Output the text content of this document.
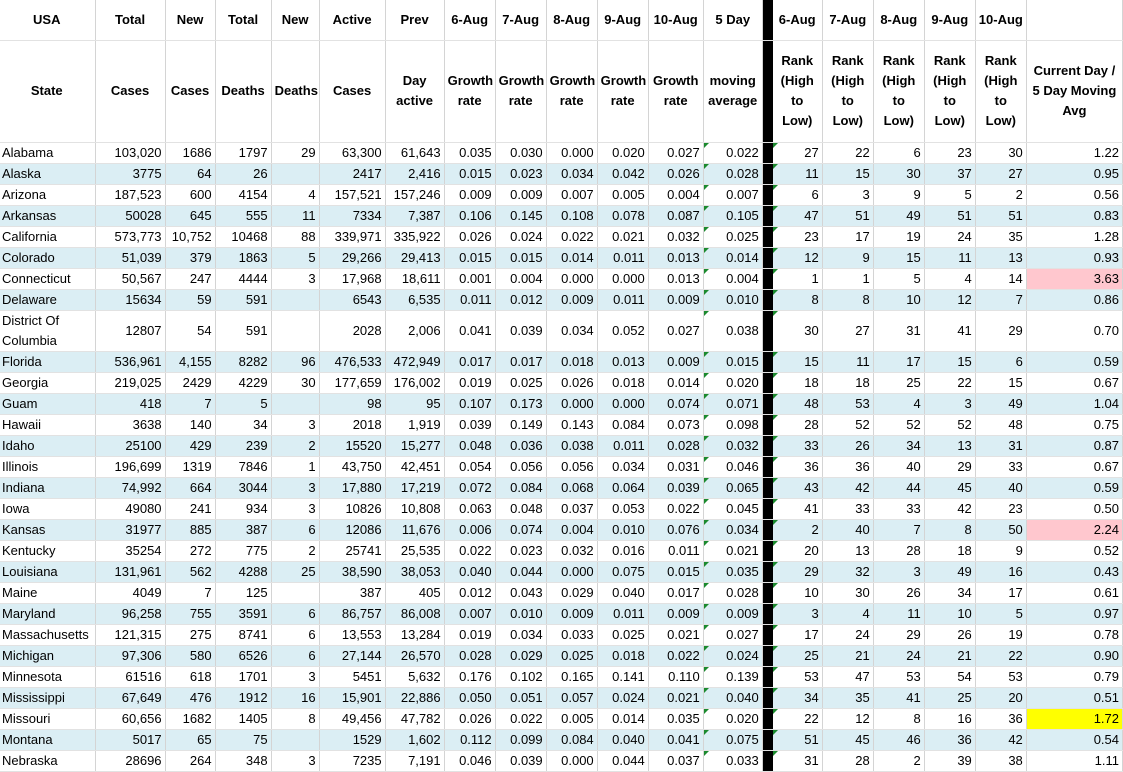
USA	Total	New	Total	New	Active	Prev	6-Aug	7-Aug	8-Aug	9-Aug	10-Aug	5 Day		6-Aug	7-Aug	8-Aug	9-Aug	10-Aug	
State	Cases	Cases	Deaths	Deaths	Cases	Day active	Growth rate	Growth rate	Growth rate	Growth rate	Growth rate	moving average		Rank (High to Low)	Rank (High to Low)	Rank (High to Low)	Rank (High to Low)	Rank (High to Low)	Current Day / 5 Day Moving Avg
Alabama	103,020	1686	1797	29	63,300	61,643	0.035	0.030	0.000	0.020	0.027	0.022		27	22	6	23	30	1.22
Alaska	3775	64	26		2417	2,416	0.015	0.023	0.034	0.042	0.026	0.028		11	15	30	37	27	0.95
Arizona	187,523	600	4154	4	157,521	157,246	0.009	0.009	0.007	0.005	0.004	0.007		6	3	9	5	2	0.56
Arkansas	50028	645	555	11	7334	7,387	0.106	0.145	0.108	0.078	0.087	0.105		47	51	49	51	51	0.83
California	573,773	10,752	10468	88	339,971	335,922	0.026	0.024	0.022	0.021	0.032	0.025		23	17	19	24	35	1.28
Colorado	51,039	379	1863	5	29,266	29,413	0.015	0.015	0.014	0.011	0.013	0.014		12	9	15	11	13	0.93
Connecticut	50,567	247	4444	3	17,968	18,611	0.001	0.004	0.000	0.000	0.013	0.004		1	1	5	4	14	3.63
Delaware	15634	59	591		6543	6,535	0.011	0.012	0.009	0.011	0.009	0.010		8	8	10	12	7	0.86
District Of Columbia	12807	54	591		2028	2,006	0.041	0.039	0.034	0.052	0.027	0.038		30	27	31	41	29	0.70
Florida	536,961	4,155	8282	96	476,533	472,949	0.017	0.017	0.018	0.013	0.009	0.015		15	11	17	15	6	0.59
Georgia	219,025	2429	4229	30	177,659	176,002	0.019	0.025	0.026	0.018	0.014	0.020		18	18	25	22	15	0.67
Guam	418	7	5		98	95	0.107	0.173	0.000	0.000	0.074	0.071		48	53	4	3	49	1.04
Hawaii	3638	140	34	3	2018	1,919	0.039	0.149	0.143	0.084	0.073	0.098		28	52	52	52	48	0.75
Idaho	25100	429	239	2	15520	15,277	0.048	0.036	0.038	0.011	0.028	0.032		33	26	34	13	31	0.87
Illinois	196,699	1319	7846	1	43,750	42,451	0.054	0.056	0.056	0.034	0.031	0.046		36	36	40	29	33	0.67
Indiana	74,992	664	3044	3	17,880	17,219	0.072	0.084	0.068	0.064	0.039	0.065		43	42	44	45	40	0.59
Iowa	49080	241	934	3	10826	10,808	0.063	0.048	0.037	0.053	0.022	0.045		41	33	33	42	23	0.50
Kansas	31977	885	387	6	12086	11,676	0.006	0.074	0.004	0.010	0.076	0.034		2	40	7	8	50	2.24
Kentucky	35254	272	775	2	25741	25,535	0.022	0.023	0.032	0.016	0.011	0.021		20	13	28	18	9	0.52
Louisiana	131,961	562	4288	25	38,590	38,053	0.040	0.044	0.000	0.075	0.015	0.035		29	32	3	49	16	0.43
Maine	4049	7	125		387	405	0.012	0.043	0.029	0.040	0.017	0.028		10	30	26	34	17	0.61
Maryland	96,258	755	3591	6	86,757	86,008	0.007	0.010	0.009	0.011	0.009	0.009		3	4	11	10	5	0.97
Massachusetts	121,315	275	8741	6	13,553	13,284	0.019	0.034	0.033	0.025	0.021	0.027		17	24	29	26	19	0.78
Michigan	97,306	580	6526	6	27,144	26,570	0.028	0.029	0.025	0.018	0.022	0.024		25	21	24	21	22	0.90
Minnesota	61516	618	1701	3	5451	5,632	0.176	0.102	0.165	0.141	0.110	0.139		53	47	53	54	53	0.79
Mississippi	67,649	476	1912	16	15,901	22,886	0.050	0.051	0.057	0.024	0.021	0.040		34	35	41	25	20	0.51
Missouri	60,656	1682	1405	8	49,456	47,782	0.026	0.022	0.005	0.014	0.035	0.020		22	12	8	16	36	1.72
Montana	5017	65	75		1529	1,602	0.112	0.099	0.084	0.040	0.041	0.075		51	45	46	36	42	0.54
Nebraska	28696	264	348	3	7235	7,191	0.046	0.039	0.000	0.044	0.037	0.033		31	28	2	39	38	1.11
